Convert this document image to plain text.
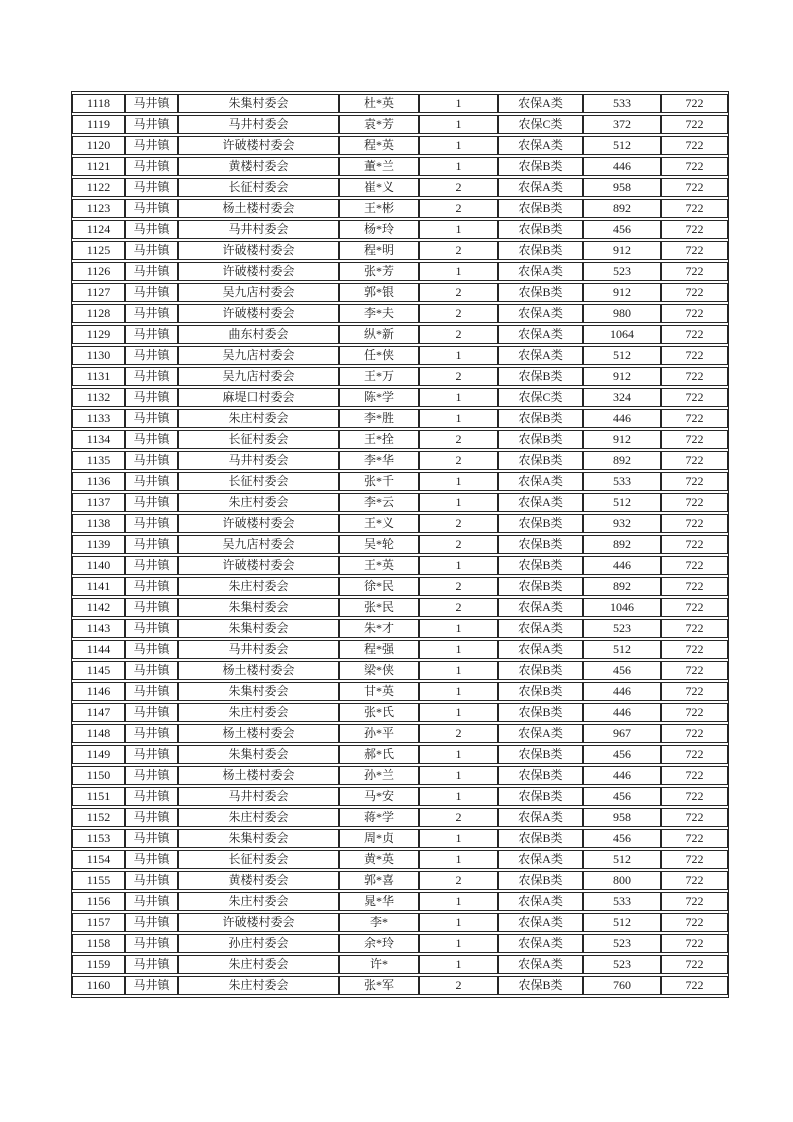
1118	马井镇	朱集村委会	杜*英	1	农保A类	533	722
1119	马井镇	马井村委会	袁*芳	1	农保C类	372	722
1120	马井镇	许破楼村委会	程*英	1	农保A类	512	722
1121	马井镇	黄楼村委会	董*兰	1	农保B类	446	722
1122	马井镇	长征村委会	崔*义	2	农保A类	958	722
1123	马井镇	杨土楼村委会	王*彬	2	农保B类	892	722
1124	马井镇	马井村委会	杨*玲	1	农保B类	456	722
1125	马井镇	许破楼村委会	程*明	2	农保B类	912	722
1126	马井镇	许破楼村委会	张*芳	1	农保A类	523	722
1127	马井镇	吴九店村委会	郭*银	2	农保B类	912	722
1128	马井镇	许破楼村委会	李*夫	2	农保A类	980	722
1129	马井镇	曲东村委会	纵*新	2	农保A类	1064	722
1130	马井镇	吴九店村委会	任*侠	1	农保A类	512	722
1131	马井镇	吴九店村委会	王*万	2	农保B类	912	722
1132	马井镇	麻堤口村委会	陈*学	1	农保C类	324	722
1133	马井镇	朱庄村委会	李*胜	1	农保B类	446	722
1134	马井镇	长征村委会	王*拴	2	农保B类	912	722
1135	马井镇	马井村委会	李*华	2	农保B类	892	722
1136	马井镇	长征村委会	张*千	1	农保A类	533	722
1137	马井镇	朱庄村委会	李*云	1	农保A类	512	722
1138	马井镇	许破楼村委会	王*义	2	农保B类	932	722
1139	马井镇	吴九店村委会	吴*轮	2	农保B类	892	722
1140	马井镇	许破楼村委会	王*英	1	农保B类	446	722
1141	马井镇	朱庄村委会	徐*民	2	农保B类	892	722
1142	马井镇	朱集村委会	张*民	2	农保A类	1046	722
1143	马井镇	朱集村委会	朱*才	1	农保A类	523	722
1144	马井镇	马井村委会	程*强	1	农保A类	512	722
1145	马井镇	杨土楼村委会	梁*侠	1	农保B类	456	722
1146	马井镇	朱集村委会	甘*英	1	农保B类	446	722
1147	马井镇	朱庄村委会	张*氏	1	农保B类	446	722
1148	马井镇	杨土楼村委会	孙*平	2	农保A类	967	722
1149	马井镇	朱集村委会	郝*氏	1	农保B类	456	722
1150	马井镇	杨土楼村委会	孙*兰	1	农保B类	446	722
1151	马井镇	马井村委会	马*安	1	农保B类	456	722
1152	马井镇	朱庄村委会	蒋*学	2	农保A类	958	722
1153	马井镇	朱集村委会	周*贞	1	农保B类	456	722
1154	马井镇	长征村委会	黄*英	1	农保A类	512	722
1155	马井镇	黄楼村委会	郭*喜	2	农保B类	800	722
1156	马井镇	朱庄村委会	晁*华	1	农保A类	533	722
1157	马井镇	许破楼村委会	李*	1	农保A类	512	722
1158	马井镇	孙庄村委会	余*玲	1	农保A类	523	722
1159	马井镇	朱庄村委会	许*	1	农保A类	523	722
1160	马井镇	朱庄村委会	张*军	2	农保B类	760	722
